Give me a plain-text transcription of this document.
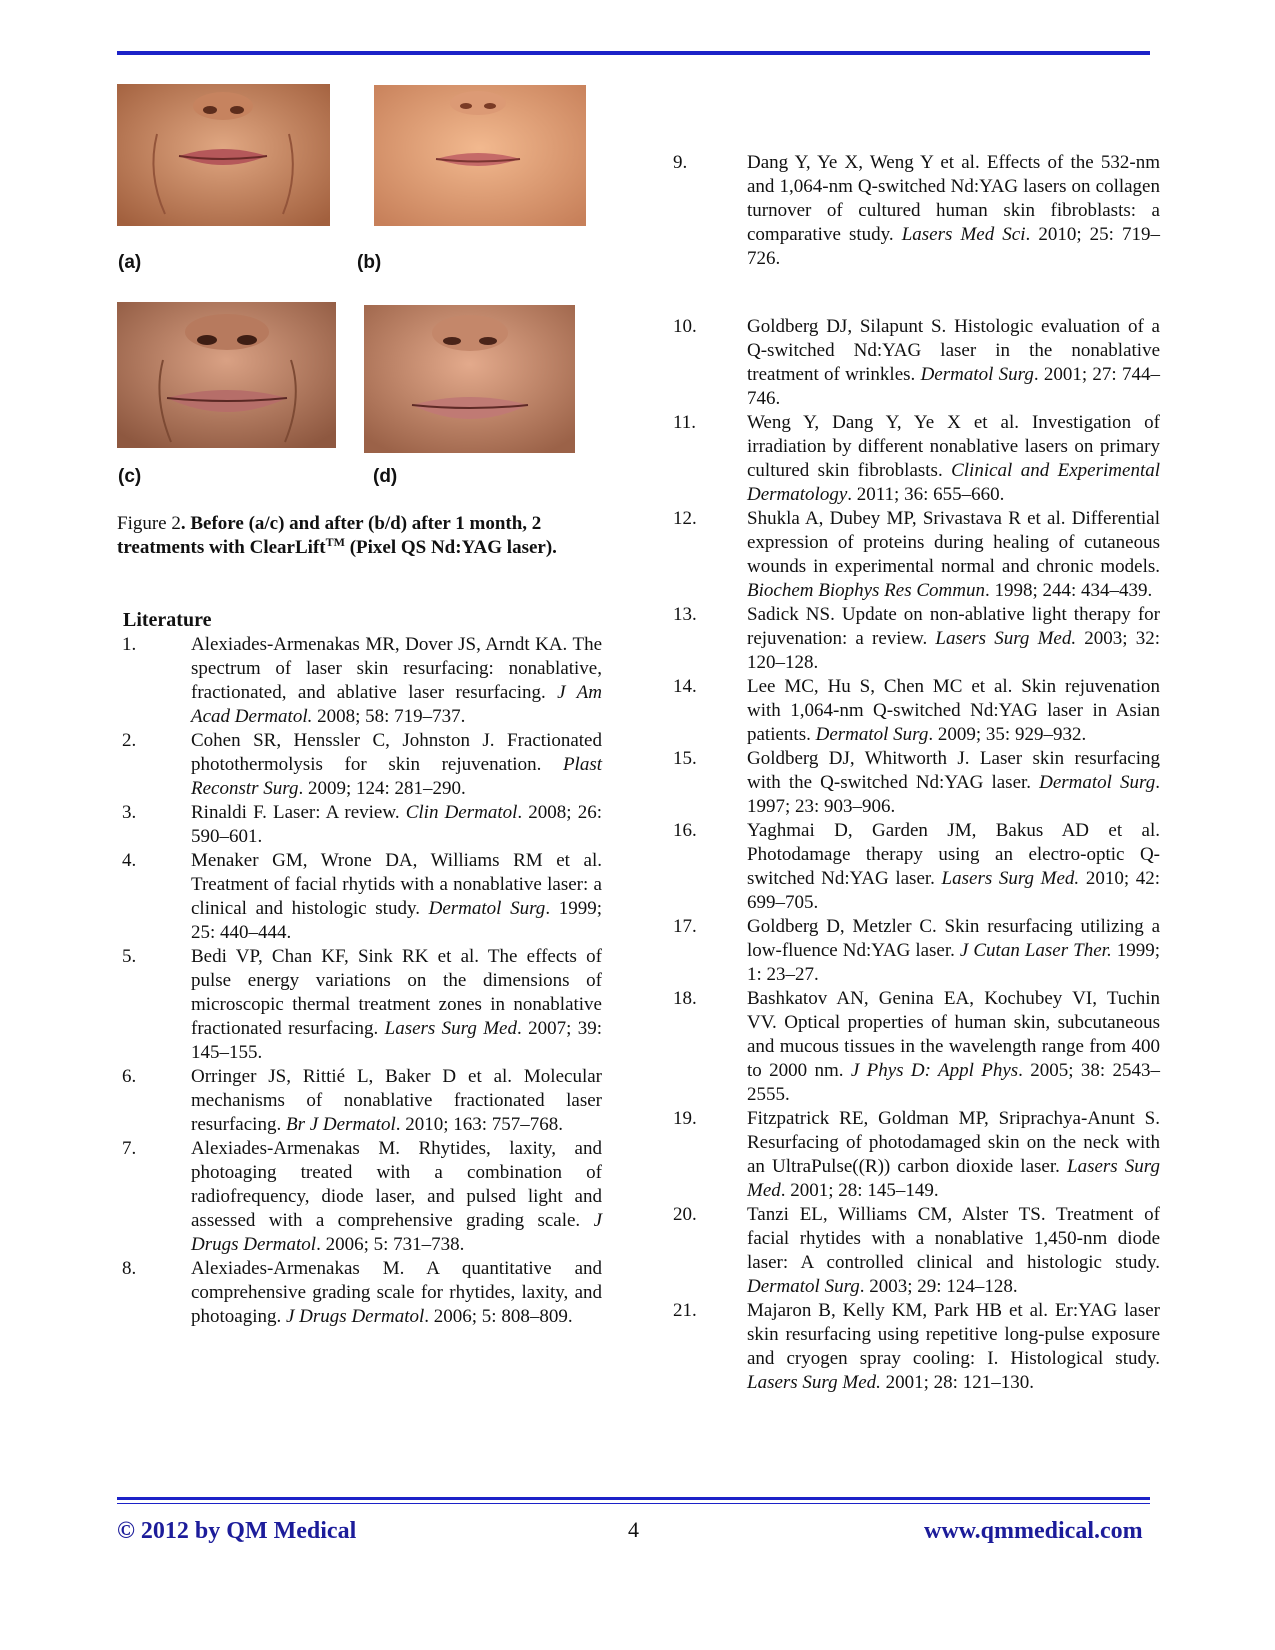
(a)	(b)
(c)	(d)
Figure 2. Before (a/c) and after (b/d) after 1 month, 2 treatments with ClearLift™ (Pixel QS Nd:YAG laser).
Literature
1.	Alexiades-Armenakas MR, Dover JS, Arndt KA. The spectrum of laser skin resurfacing: nonablative, fractionated, and ablative laser resurfacing. J Am Acad Dermatol. 2008; 58: 719–737.
2.	Cohen SR, Henssler C, Johnston J. Fractionated photothermolysis for skin rejuvenation. Plast Reconstr Surg. 2009; 124: 281–290.
3.	Rinaldi F. Laser: A review. Clin Dermatol. 2008; 26: 590–601.
4.	Menaker GM, Wrone DA, Williams RM et al. Treatment of facial rhytids with a nonablative laser: a clinical and histologic study. Dermatol Surg. 1999; 25: 440–444.
5.	Bedi VP, Chan KF, Sink RK et al. The effects of pulse energy variations on the dimensions of microscopic thermal treatment zones in nonablative fractionated resurfacing. Lasers Surg Med. 2007; 39: 145–155.
6.	Orringer JS, Rittié L, Baker D et al. Molecular mechanisms of nonablative fractionated laser resurfacing. Br J Dermatol. 2010; 163: 757–768.
7.	Alexiades-Armenakas M. Rhytides, laxity, and photoaging treated with a combination of radiofrequency, diode laser, and pulsed light and assessed with a comprehensive grading scale. J Drugs Dermatol. 2006; 5: 731–738.
8.	Alexiades-Armenakas M. A quantitative and comprehensive grading scale for rhytides, laxity, and photoaging. J Drugs Dermatol. 2006; 5: 808–809.
9.	Dang Y, Ye X, Weng Y et al. Effects of the 532-nm and 1,064-nm Q-switched Nd:YAG lasers on collagen turnover of cultured human skin fibroblasts: a comparative study. Lasers Med Sci. 2010; 25: 719–726.
10.	Goldberg DJ, Silapunt S. Histologic evaluation of a Q-switched Nd:YAG laser in the nonablative treatment of wrinkles. Dermatol Surg. 2001; 27: 744–746.
11.	Weng Y, Dang Y, Ye X et al. Investigation of irradiation by different nonablative lasers on primary cultured skin fibroblasts. Clinical and Experimental Dermatology. 2011; 36: 655–660.
12.	Shukla A, Dubey MP, Srivastava R et al. Differential expression of proteins during healing of cutaneous wounds in experimental normal and chronic models. Biochem Biophys Res Commun. 1998; 244: 434–439.
13.	Sadick NS. Update on non-ablative light therapy for rejuvenation: a review. Lasers Surg Med. 2003; 32: 120–128.
14.	Lee MC, Hu S, Chen MC et al. Skin rejuvenation with 1,064-nm Q-switched Nd:YAG laser in Asian patients. Dermatol Surg. 2009; 35: 929–932.
15.	Goldberg DJ, Whitworth J. Laser skin resurfacing with the Q-switched Nd:YAG laser. Dermatol Surg. 1997; 23: 903–906.
16.	Yaghmai D, Garden JM, Bakus AD et al. Photodamage therapy using an electro-optic Q-switched Nd:YAG laser. Lasers Surg Med. 2010; 42: 699–705.
17.	Goldberg D, Metzler C. Skin resurfacing utilizing a low-fluence Nd:YAG laser. J Cutan Laser Ther. 1999; 1: 23–27.
18.	Bashkatov AN, Genina EA, Kochubey VI, Tuchin VV. Optical properties of human skin, subcutaneous and mucous tissues in the wavelength range from 400 to 2000 nm. J Phys D: Appl Phys. 2005; 38: 2543–2555.
19.	Fitzpatrick RE, Goldman MP, Sriprachya-Anunt S. Resurfacing of photodamaged skin on the neck with an UltraPulse((R)) carbon dioxide laser. Lasers Surg Med. 2001; 28: 145–149.
20.	Tanzi EL, Williams CM, Alster TS. Treatment of facial rhytides with a nonablative 1,450-nm diode laser: A controlled clinical and histologic study. Dermatol Surg. 2003; 29: 124–128.
21.	Majaron B, Kelly KM, Park HB et al. Er:YAG laser skin resurfacing using repetitive long-pulse exposure and cryogen spray cooling: I. Histological study. Lasers Surg Med. 2001; 28: 121–130.
© 2012 by QM Medical	4	www.qmmedical.com
